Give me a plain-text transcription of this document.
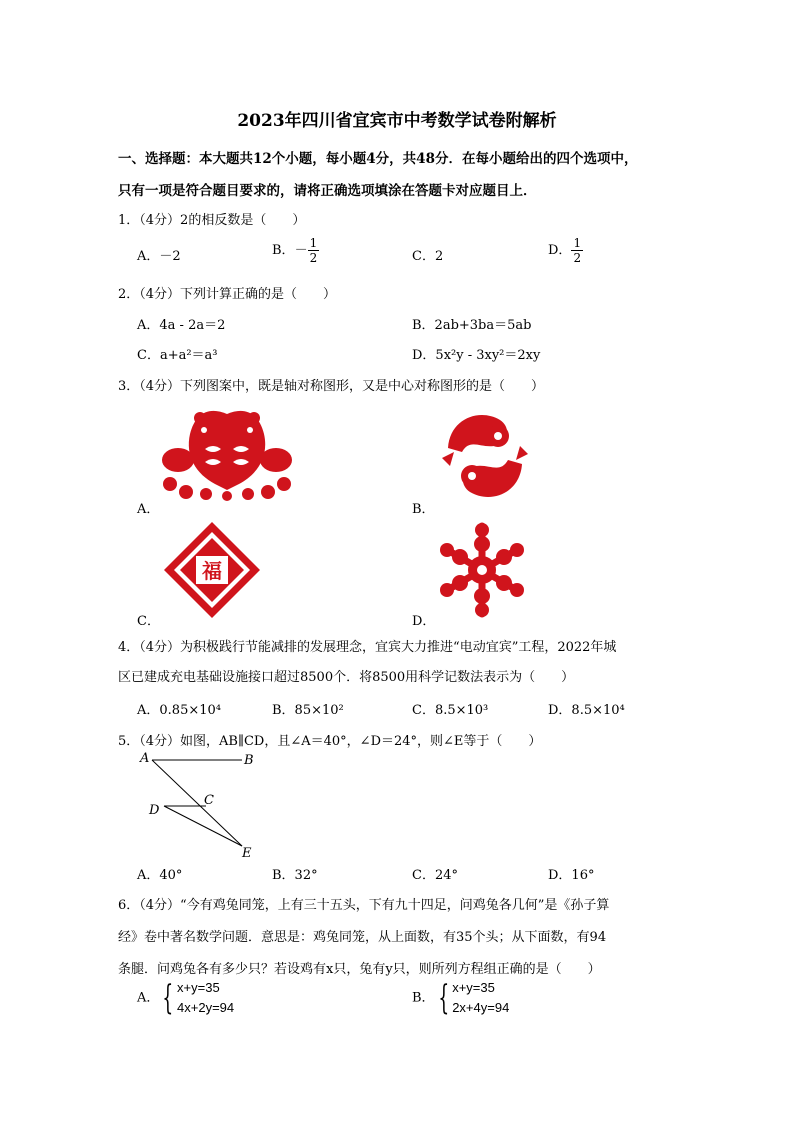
2023年四川省宜宾市中考数学试卷附解析
一、选择题：本大题共12个小题，每小题4分，共48分．在每小题给出的四个选项中，
只有一项是符合题目要求的，请将正确选项填涂在答题卡对应题目上．
1．（4分）2的相反数是（　　）
A．－2	B．－ $\frac{1}{2}$	C．2	D． $\frac{1}{2}$
2．（4分）下列计算正确的是（　　）
A．4a - 2a＝2	B．2ab+3ba＝5ab
C．a+a²＝a³	D．5x²y - 3xy²＝2xy
3．（4分）下列图案中，既是轴对称图形，又是中心对称图形的是（　　）
A．	B．
C．
福
D．
4．（4分）为积极践行节能减排的发展理念，宜宾大力推进“电动宜宾”工程，2022年城
区已建成充电基础设施接口超过8500个．将8500用科学记数法表示为（　　）
A．0.85×10⁴	B．85×10²	C．8.5×10³	D．8.5×10⁴
5．（4分）如图，AB∥CD，且∠A＝40°，∠D＝24°，则∠E等于（　　）
A	B
C
D
E
A．40°	B．32°	C．24°	D．16°
6．（4分）“今有鸡兔同笼，上有三十五头，下有九十四足，问鸡兔各几何”是《孙子算
经》卷中著名数学问题．意思是：鸡兔同笼，从上面数，有35个头；从下面数，有94
条腿．问鸡兔各有多少只？若设鸡有x只，兔有y只，则所列方程组正确的是（　　）
A． { x+y=35
4x+2y=94
B． { x+y=35
2x+4y=94
